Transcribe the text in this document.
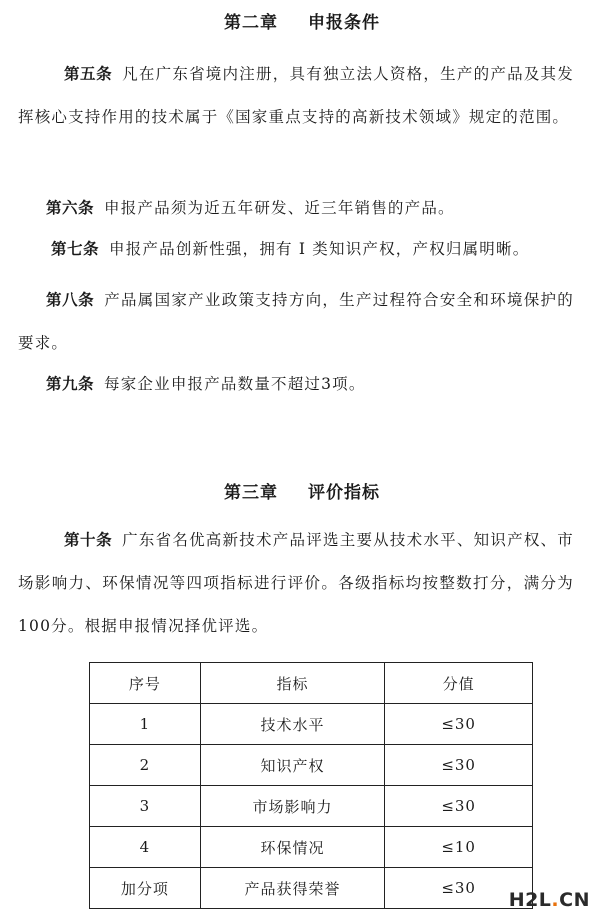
第二章 申报条件
第五条 凡在广东省境内注册，具有独立法人资格，生产的产品及其发挥核心支持作用的技术属于《国家重点支持的高新技术领域》规定的范围。
第六条 申报产品须为近五年研发、近三年销售的产品。
第七条 申报产品创新性强，拥有 I 类知识产权，产权归属明晰。
第八条 产品属国家产业政策支持方向，生产过程符合安全和环境保护的要求。
第九条 每家企业申报产品数量不超过3项。
第三章 评价指标
第十条 广东省名优高新技术产品评选主要从技术水平、知识产权、市场影响力、环保情况等四项指标进行评价。各级指标均按整数打分，满分为100分。根据申报情况择优评选。
序号	指标	分值
1	技术水平	≤30
2	知识产权	≤30
3	市场影响力	≤30
4	环保情况	≤10
加分项	产品获得荣誉	≤30
H2L.CN
